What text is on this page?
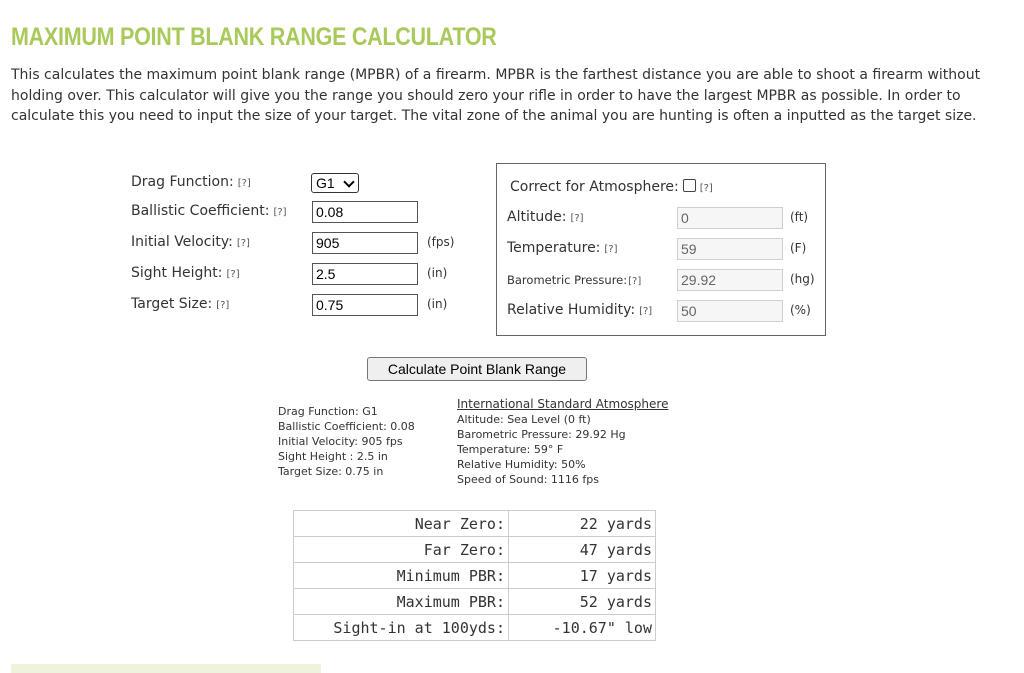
MAXIMUM POINT BLANK RANGE CALCULATOR

This calculates the maximum point blank range (MPBR) of a firearm. MPBR is the farthest distance you are able to shoot a firearm without holding over. This calculator will give you the range you should zero your rifle in order to have the largest MPBR as possible. In order to calculate this you need to input the size of your target. The vital zone of the animal you are hunting is often a inputted as the target size.

Drag Function: [?]	G1
Ballistic Coefficient: [?] 0.08
Initial Velocity: [?]	905	(fps)
Sight Height: [?]	2.5	(in)
Target Size: [?]	0.75	(in)
Correct for Atmosphere: [?]
Altitude: [?]	0	(ft)
Temperature: [?]	59	(F)
Barometric Pressure:[?]	29.92	(hg)
Relative Humidity: [?] 50	(%)
Calculate Point Blank Range
Drag Function: G1
Ballistic Coefficient: 0.08
Initial Velocity: 905 fps
Sight Height : 2.5 in
Target Size: 0.75 in
International Standard Atmosphere
Altitude: Sea Level (0 ft)
Barometric Pressure: 29.92 Hg
Temperature: 59° F
Relative Humidity: 50%
Speed of Sound: 1116 fps
Near Zero:	22 yards
Far Zero:	47 yards
Minimum PBR:	17 yards
Maximum PBR:	52 yards
Sight-in at 100yds:	-10.67" low
